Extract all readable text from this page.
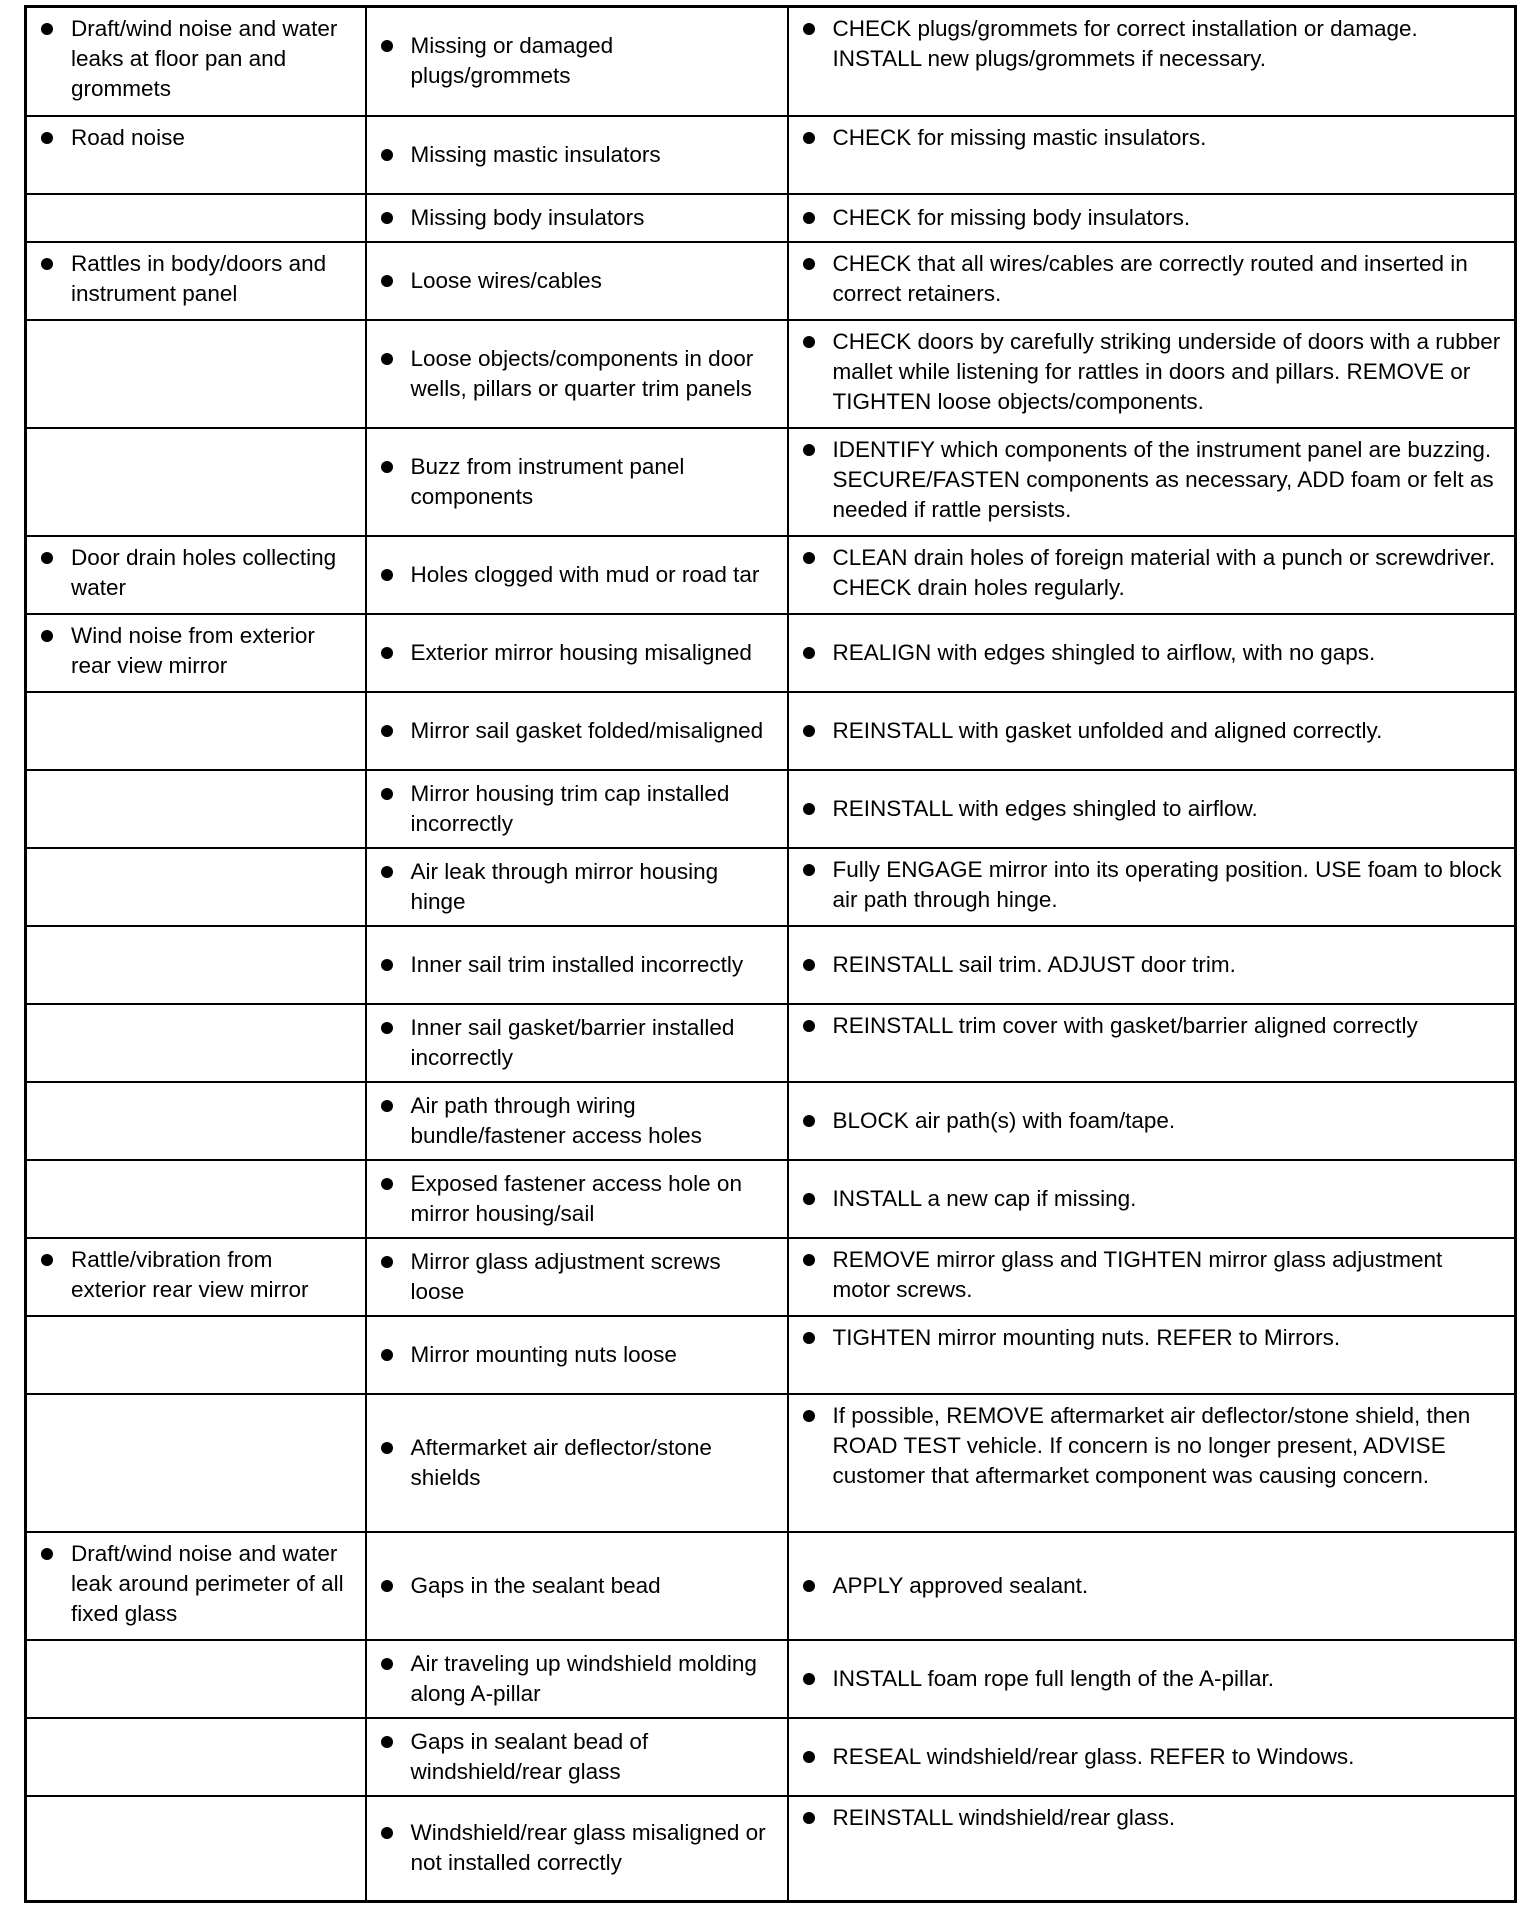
Draft/wind noise and water leaks at floor pan and grommets	Missing or damaged plugs/grommets	CHECK plugs/grommets for correct installation or damage. INSTALL new plugs/grommets if necessary.

Road noise	Missing mastic insulators	CHECK for missing mastic insulators.

	Missing body insulators	CHECK for missing body insulators.

Rattles in body/doors and instrument panel	Loose wires/cables	CHECK that all wires/cables are correctly routed and inserted in correct retainers.

	Loose objects/components in door wells, pillars or quarter trim panels	CHECK doors by carefully striking underside of doors with a rubber mallet while listening for rattles in doors and pillars. REMOVE or TIGHTEN loose objects/components.

	Buzz from instrument panel components	IDENTIFY which components of the instrument panel are buzzing. SECURE/FASTEN components as necessary, ADD foam or felt as needed if rattle persists.

Door drain holes collecting water	Holes clogged with mud or road tar	CLEAN drain holes of foreign material with a punch or screwdriver. CHECK drain holes regularly.

Wind noise from exterior rear view mirror	Exterior mirror housing misaligned	REALIGN with edges shingled to airflow, with no gaps.

	Mirror sail gasket folded/misaligned	REINSTALL with gasket unfolded and aligned correctly.

	Mirror housing trim cap installed incorrectly	REINSTALL with edges shingled to airflow.

	Air leak through mirror housing hinge	Fully ENGAGE mirror into its operating position. USE foam to block air path through hinge.

	Inner sail trim installed incorrectly	REINSTALL sail trim. ADJUST door trim.

	Inner sail gasket/barrier installed incorrectly	REINSTALL trim cover with gasket/barrier aligned correctly

	Air path through wiring bundle/fastener access holes	BLOCK air path(s) with foam/tape.

	Exposed fastener access hole on mirror housing/sail	INSTALL a new cap if missing.

Rattle/vibration from exterior rear view mirror	Mirror glass adjustment screws loose	REMOVE mirror glass and TIGHTEN mirror glass adjustment motor screws.

	Mirror mounting nuts loose	TIGHTEN mirror mounting nuts. REFER to Mirrors.

	Aftermarket air deflector/stone shields	If possible, REMOVE aftermarket air deflector/stone shield, then ROAD TEST vehicle. If concern is no longer present, ADVISE customer that aftermarket component was causing concern.

Draft/wind noise and water leak around perimeter of all fixed glass	Gaps in the sealant bead	APPLY approved sealant.

	Air traveling up windshield molding along A-pillar	INSTALL foam rope full length of the A-pillar.

	Gaps in sealant bead of windshield/rear glass	RESEAL windshield/rear glass. REFER to Windows.

	Windshield/rear glass misaligned or not installed correctly	REINSTALL windshield/rear glass.
